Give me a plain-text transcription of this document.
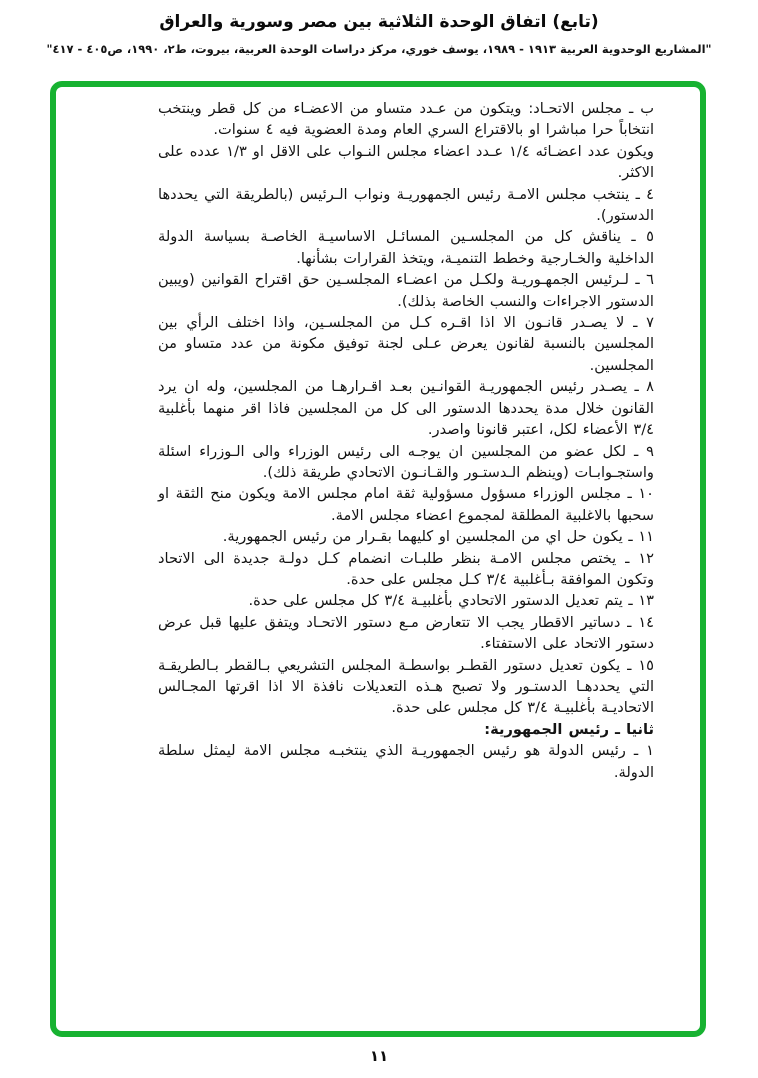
(تابع) اتفاق الوحدة الثلاثية بين مصر وسورية والعراق
"المشاريع الوحدوية العربية ١٩١٣ - ١٩٨٩، يوسف خوري، مركز دراسات الوحدة العربية، بيروت، ط٢، ١٩٩٠، ص٤٠٥ - ٤١٧"

ب ـ مجلس الاتحـاد: ويتكون من عـدد متساو من الاعضـاء من كل قطر وينتخب انتخاباً حرا مباشرا او بالاقتراع السري العام ومدة العضوية فيه ٤ سنوات.

ويكون عدد اعضـائه ١/٤ عـدد اعضاء مجلس النـواب على الاقل او ١/٣ عدده على الاكثر.

٤ ـ ينتخب مجلس الامـة رئيس الجمهوريـة ونواب الـرئيس (بالطريقة التي يحددها الدستور).

٥ ـ يناقش كل من المجلسـين المسائـل الاساسيـة الخاصـة بسياسة الدولة الداخلية والخـارجية وخطط التنميـة، ويتخذ القرارات بشأنها.

٦ ـ لـرئيس الجمهـوريـة ولكـل من اعضـاء المجلسـين حق اقتراح القوانين (ويبين الدستور الاجراءات والنسب الخاصة بذلك).

٧ ـ لا يصـدر قانـون الا اذا اقـره كـل من المجلسـين، واذا اختلف الرأي بين المجلسين بالنسبة لقانون يعرض عـلى لجنة توفيق مكونة من عدد متساو من المجلسين.

٨ ـ يصـدر رئيس الجمهوريـة القوانـين بعـد اقـرارهـا من المجلسين، وله ان يرد القانون خلال مدة يحددها الدستور الى كل من المجلسين فاذا اقر منهما بأغلبية ٣/٤ الأعضاء لكل، اعتبر قانونا واصدر.

٩ ـ لكل عضو من المجلسين ان يوجـه الى رئيس الوزراء والى الـوزراء اسئلة واستجـوابـات (وينظم الـدستـور والقـانـون الاتحادي طريقة ذلك).

١٠ ـ مجلس الوزراء مسؤول مسؤولية ثقة امام مجلس الامة ويكون منح الثقة او سحبها بالاغلبية المطلقة لمجموع اعضاء مجلس الامة.

١١ ـ يكون حل اي من المجلسين او كليهما بقـرار من رئيس الجمهورية.

١٢ ـ يختص مجلس الامـة بنظر طلبـات انضمام كـل دولـة جديدة الى الاتحاد وتكون الموافقة بـأغلبية ٣/٤ كـل مجلس على حدة.

١٣ ـ يتم تعديل الدستور الاتحادي بأغلبيـة ٣/٤ كل مجلس على حدة.

١٤ ـ دساتير الاقطار يجب الا تتعارض مـع دستور الاتحـاد ويتفق عليها قبل عرض دستور الاتحاد على الاستفتاء.

١٥ ـ يكون تعديل دستور القطـر بواسطـة المجلس التشريعي بـالقطر بـالطريقـة التي يحددهـا الدستـور ولا تصبح هـذه التعديلات نافذة الا اذا اقرتها المجـالس الاتحاديـة بأغلبيـة ٣/٤ كل مجلس على حدة.

ثانيا ـ رئيس الجمهورية:

١ ـ رئيس الدولة هو رئيس الجمهوريـة الذي ينتخبـه مجلس الامة ليمثل سلطة الدولة.

١١
